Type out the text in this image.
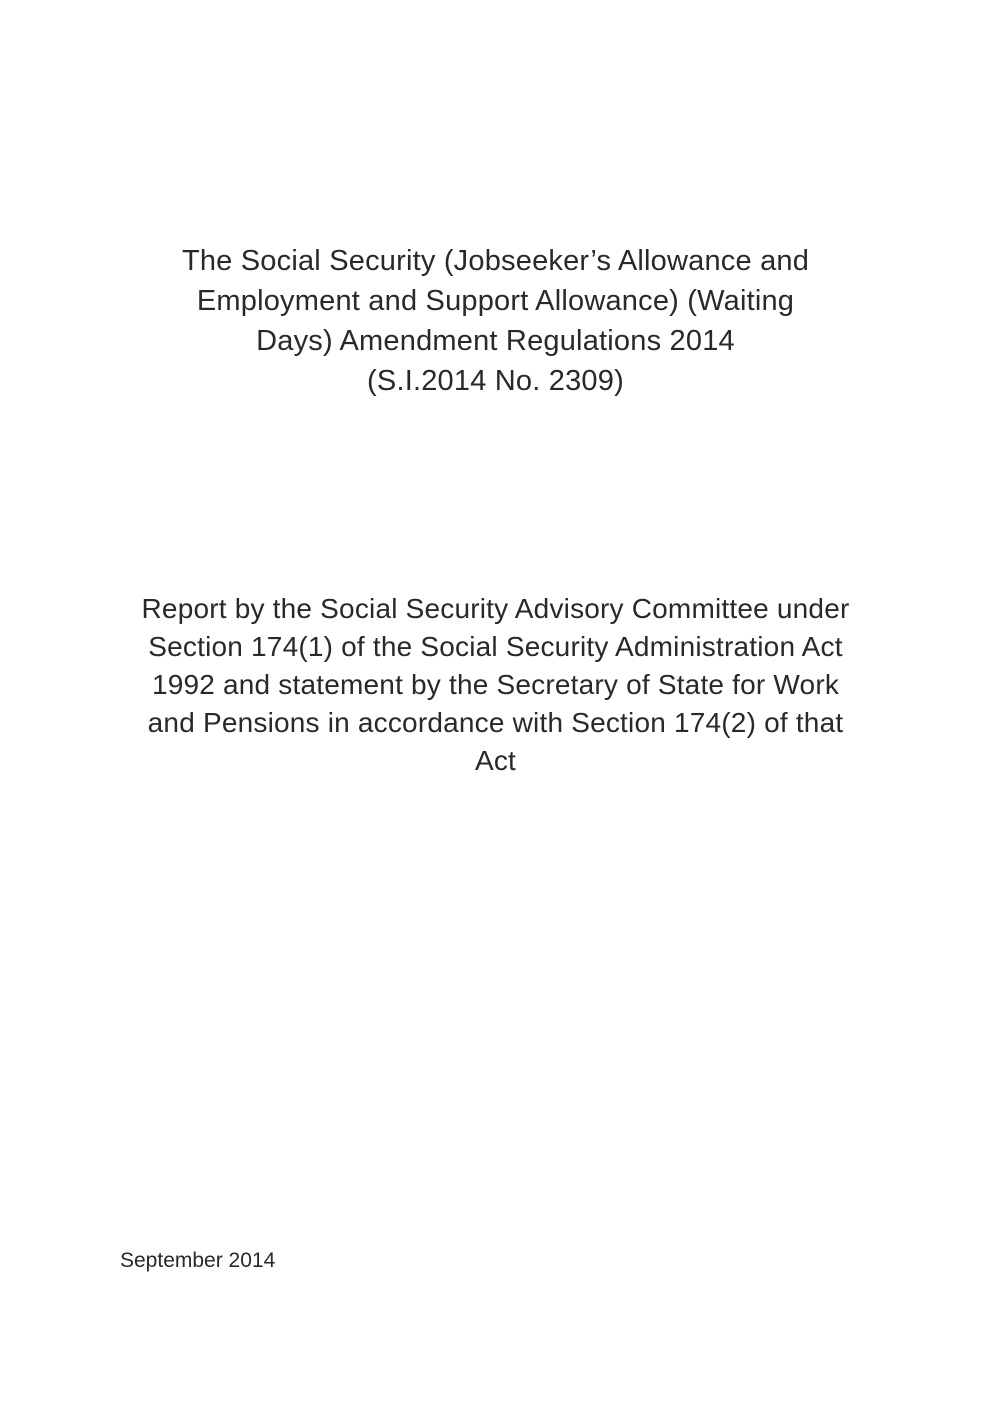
The Social Security (Jobseeker’s Allowance and
Employment and Support Allowance) (Waiting
Days) Amendment Regulations 2014
(S.I.2014 No. 2309)
Report by the Social Security Advisory Committee under
Section 174(1) of the Social Security Administration Act
1992 and statement by the Secretary of State for Work
and Pensions in accordance with Section 174(2) of that
Act
September 2014
